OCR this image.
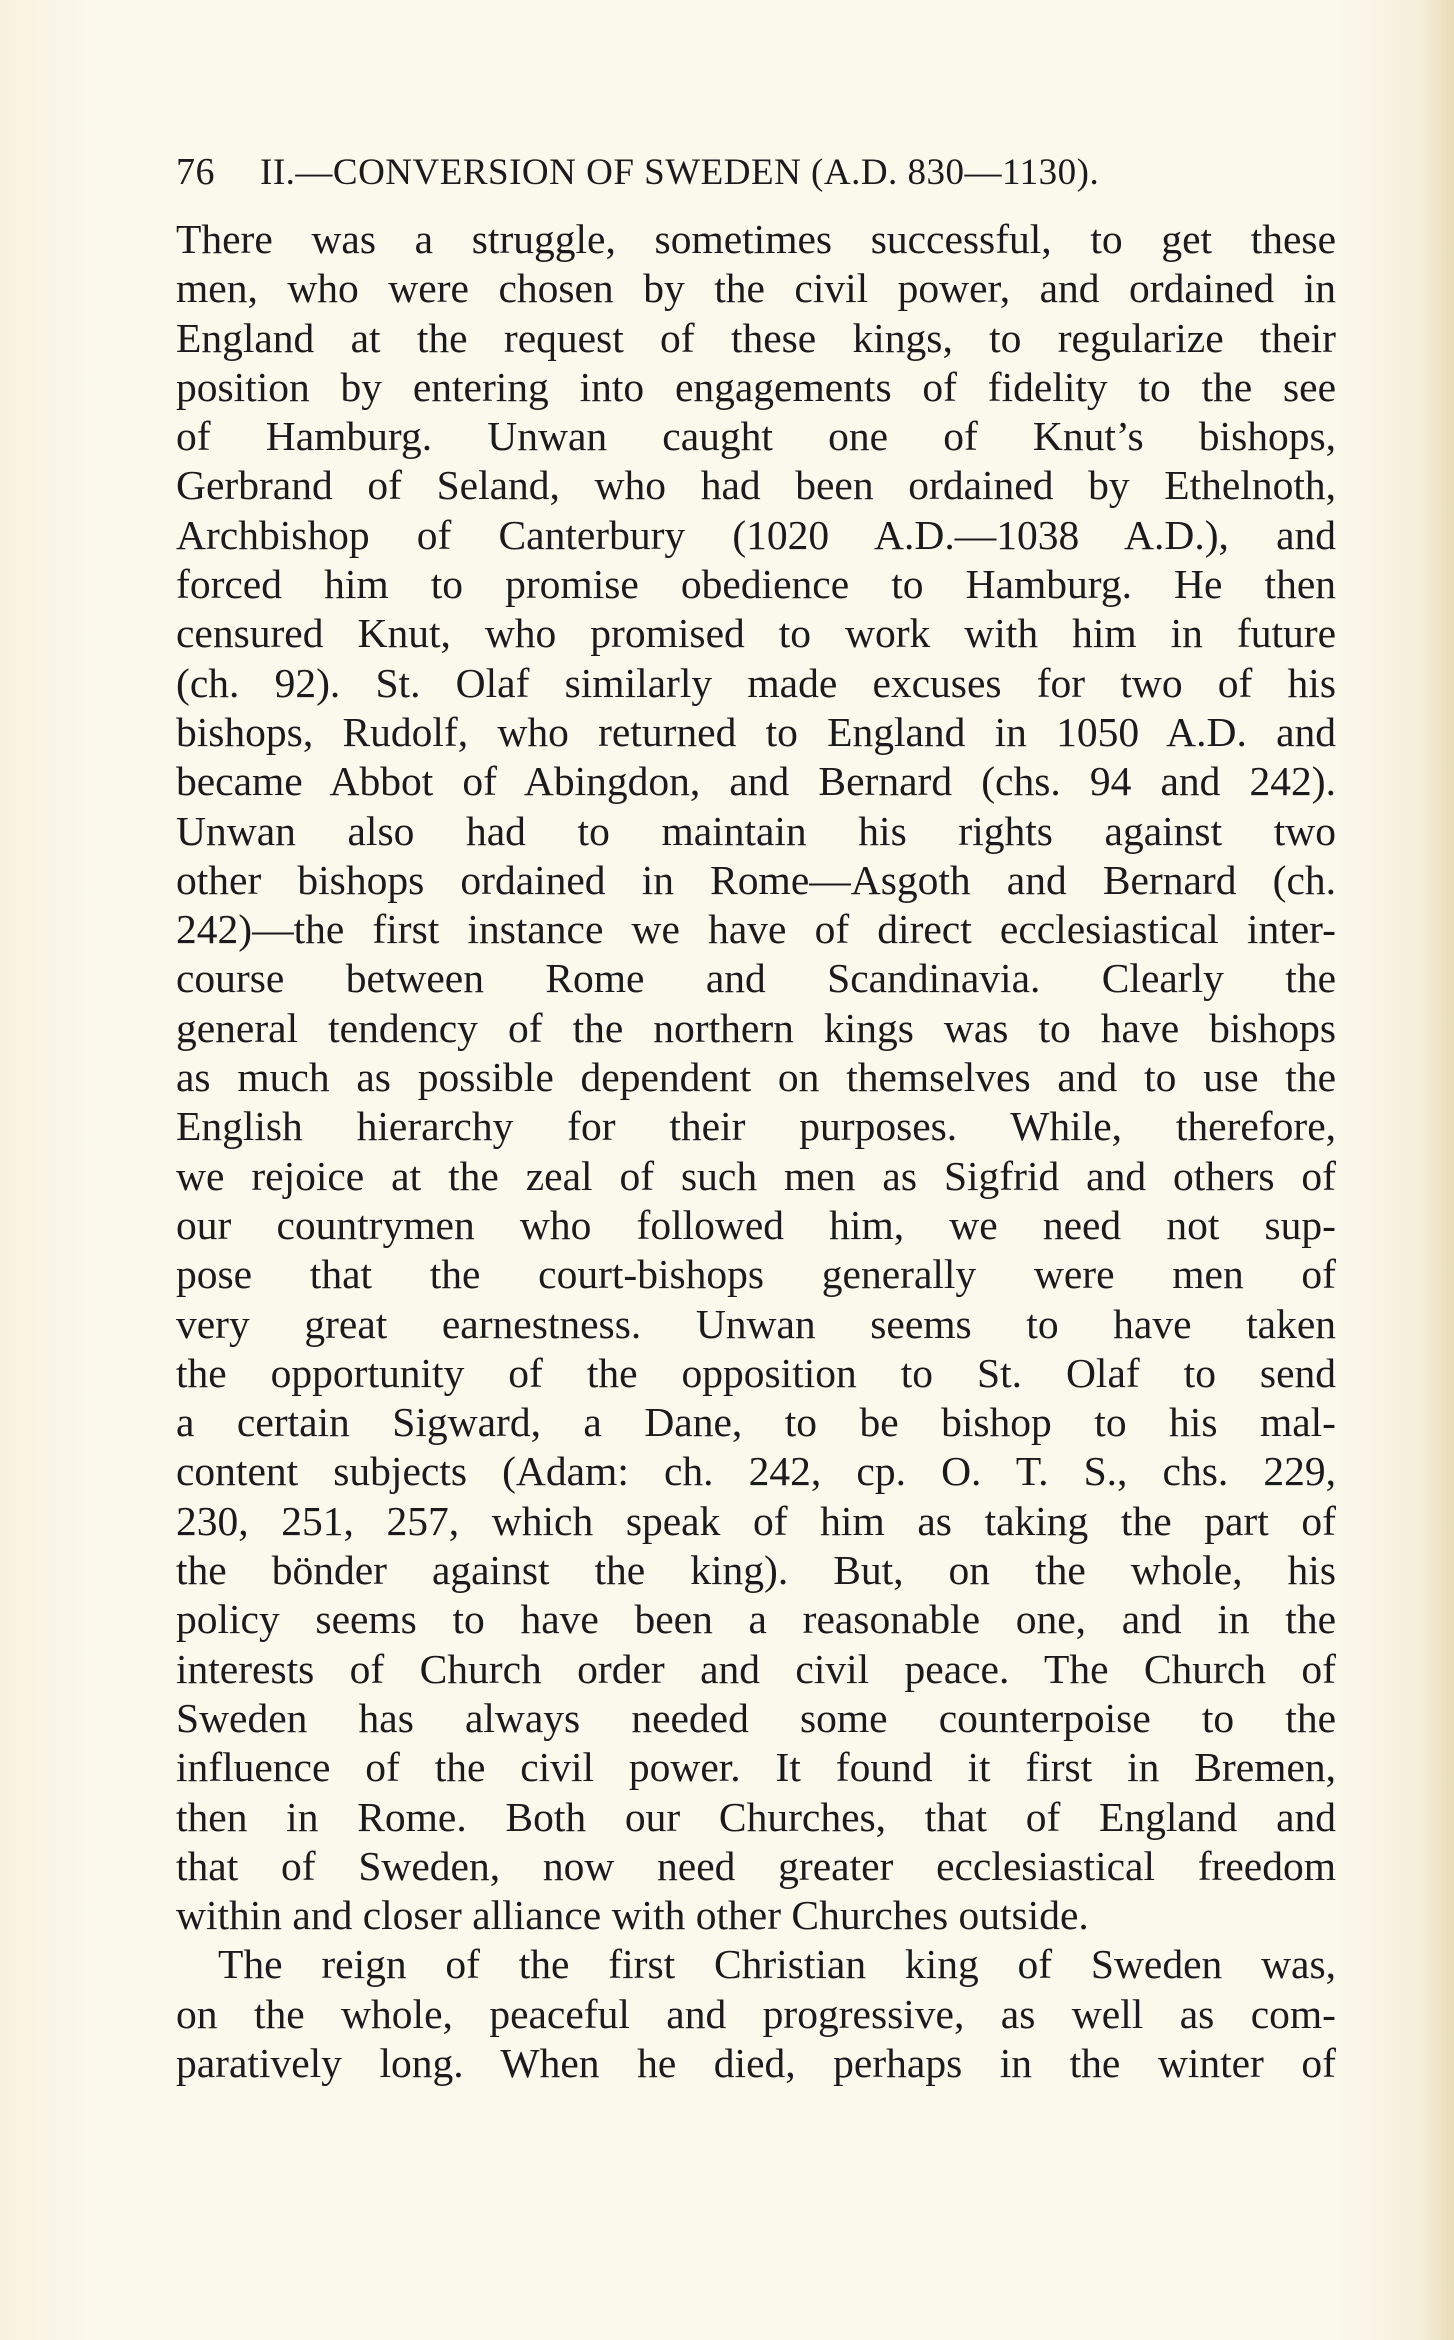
76	II.—CONVERSION OF SWEDEN (A.D. 830—1130).
There was a struggle, sometimes successful, to get these
men, who were chosen by the civil power, and ordained in
England at the request of these kings, to regularize their
position by entering into engagements of fidelity to the see
of Hamburg. Unwan caught one of Knut’s bishops,
Gerbrand of Seland, who had been ordained by Ethelnoth,
Archbishop of Canterbury (1020 A.D.—1038 A.D.), and
forced him to promise obedience to Hamburg. He then
censured Knut, who promised to work with him in future
(ch. 92). St. Olaf similarly made excuses for two of his
bishops, Rudolf, who returned to England in 1050 A.D. and
became Abbot of Abingdon, and Bernard (chs. 94 and 242).
Unwan also had to maintain his rights against two
other bishops ordained in Rome—Asgoth and Bernard (ch.
242)—the first instance we have of direct ecclesiastical inter-
course between Rome and Scandinavia. Clearly the
general tendency of the northern kings was to have bishops
as much as possible dependent on themselves and to use the
English hierarchy for their purposes. While, therefore,
we rejoice at the zeal of such men as Sigfrid and others of
our countrymen who followed him, we need not sup-
pose that the court-bishops generally were men of
very great earnestness. Unwan seems to have taken
the opportunity of the opposition to St. Olaf to send
a certain Sigward, a Dane, to be bishop to his mal-
content subjects (Adam: ch. 242, cp. O. T. S., chs. 229,
230, 251, 257, which speak of him as taking the part of
the bönder against the king). But, on the whole, his
policy seems to have been a reasonable one, and in the
interests of Church order and civil peace. The Church of
Sweden has always needed some counterpoise to the
influence of the civil power. It found it first in Bremen,
then in Rome. Both our Churches, that of England and
that of Sweden, now need greater ecclesiastical freedom
within and closer alliance with other Churches outside.
The reign of the first Christian king of Sweden was,
on the whole, peaceful and progressive, as well as com-
paratively long. When he died, perhaps in the winter of
